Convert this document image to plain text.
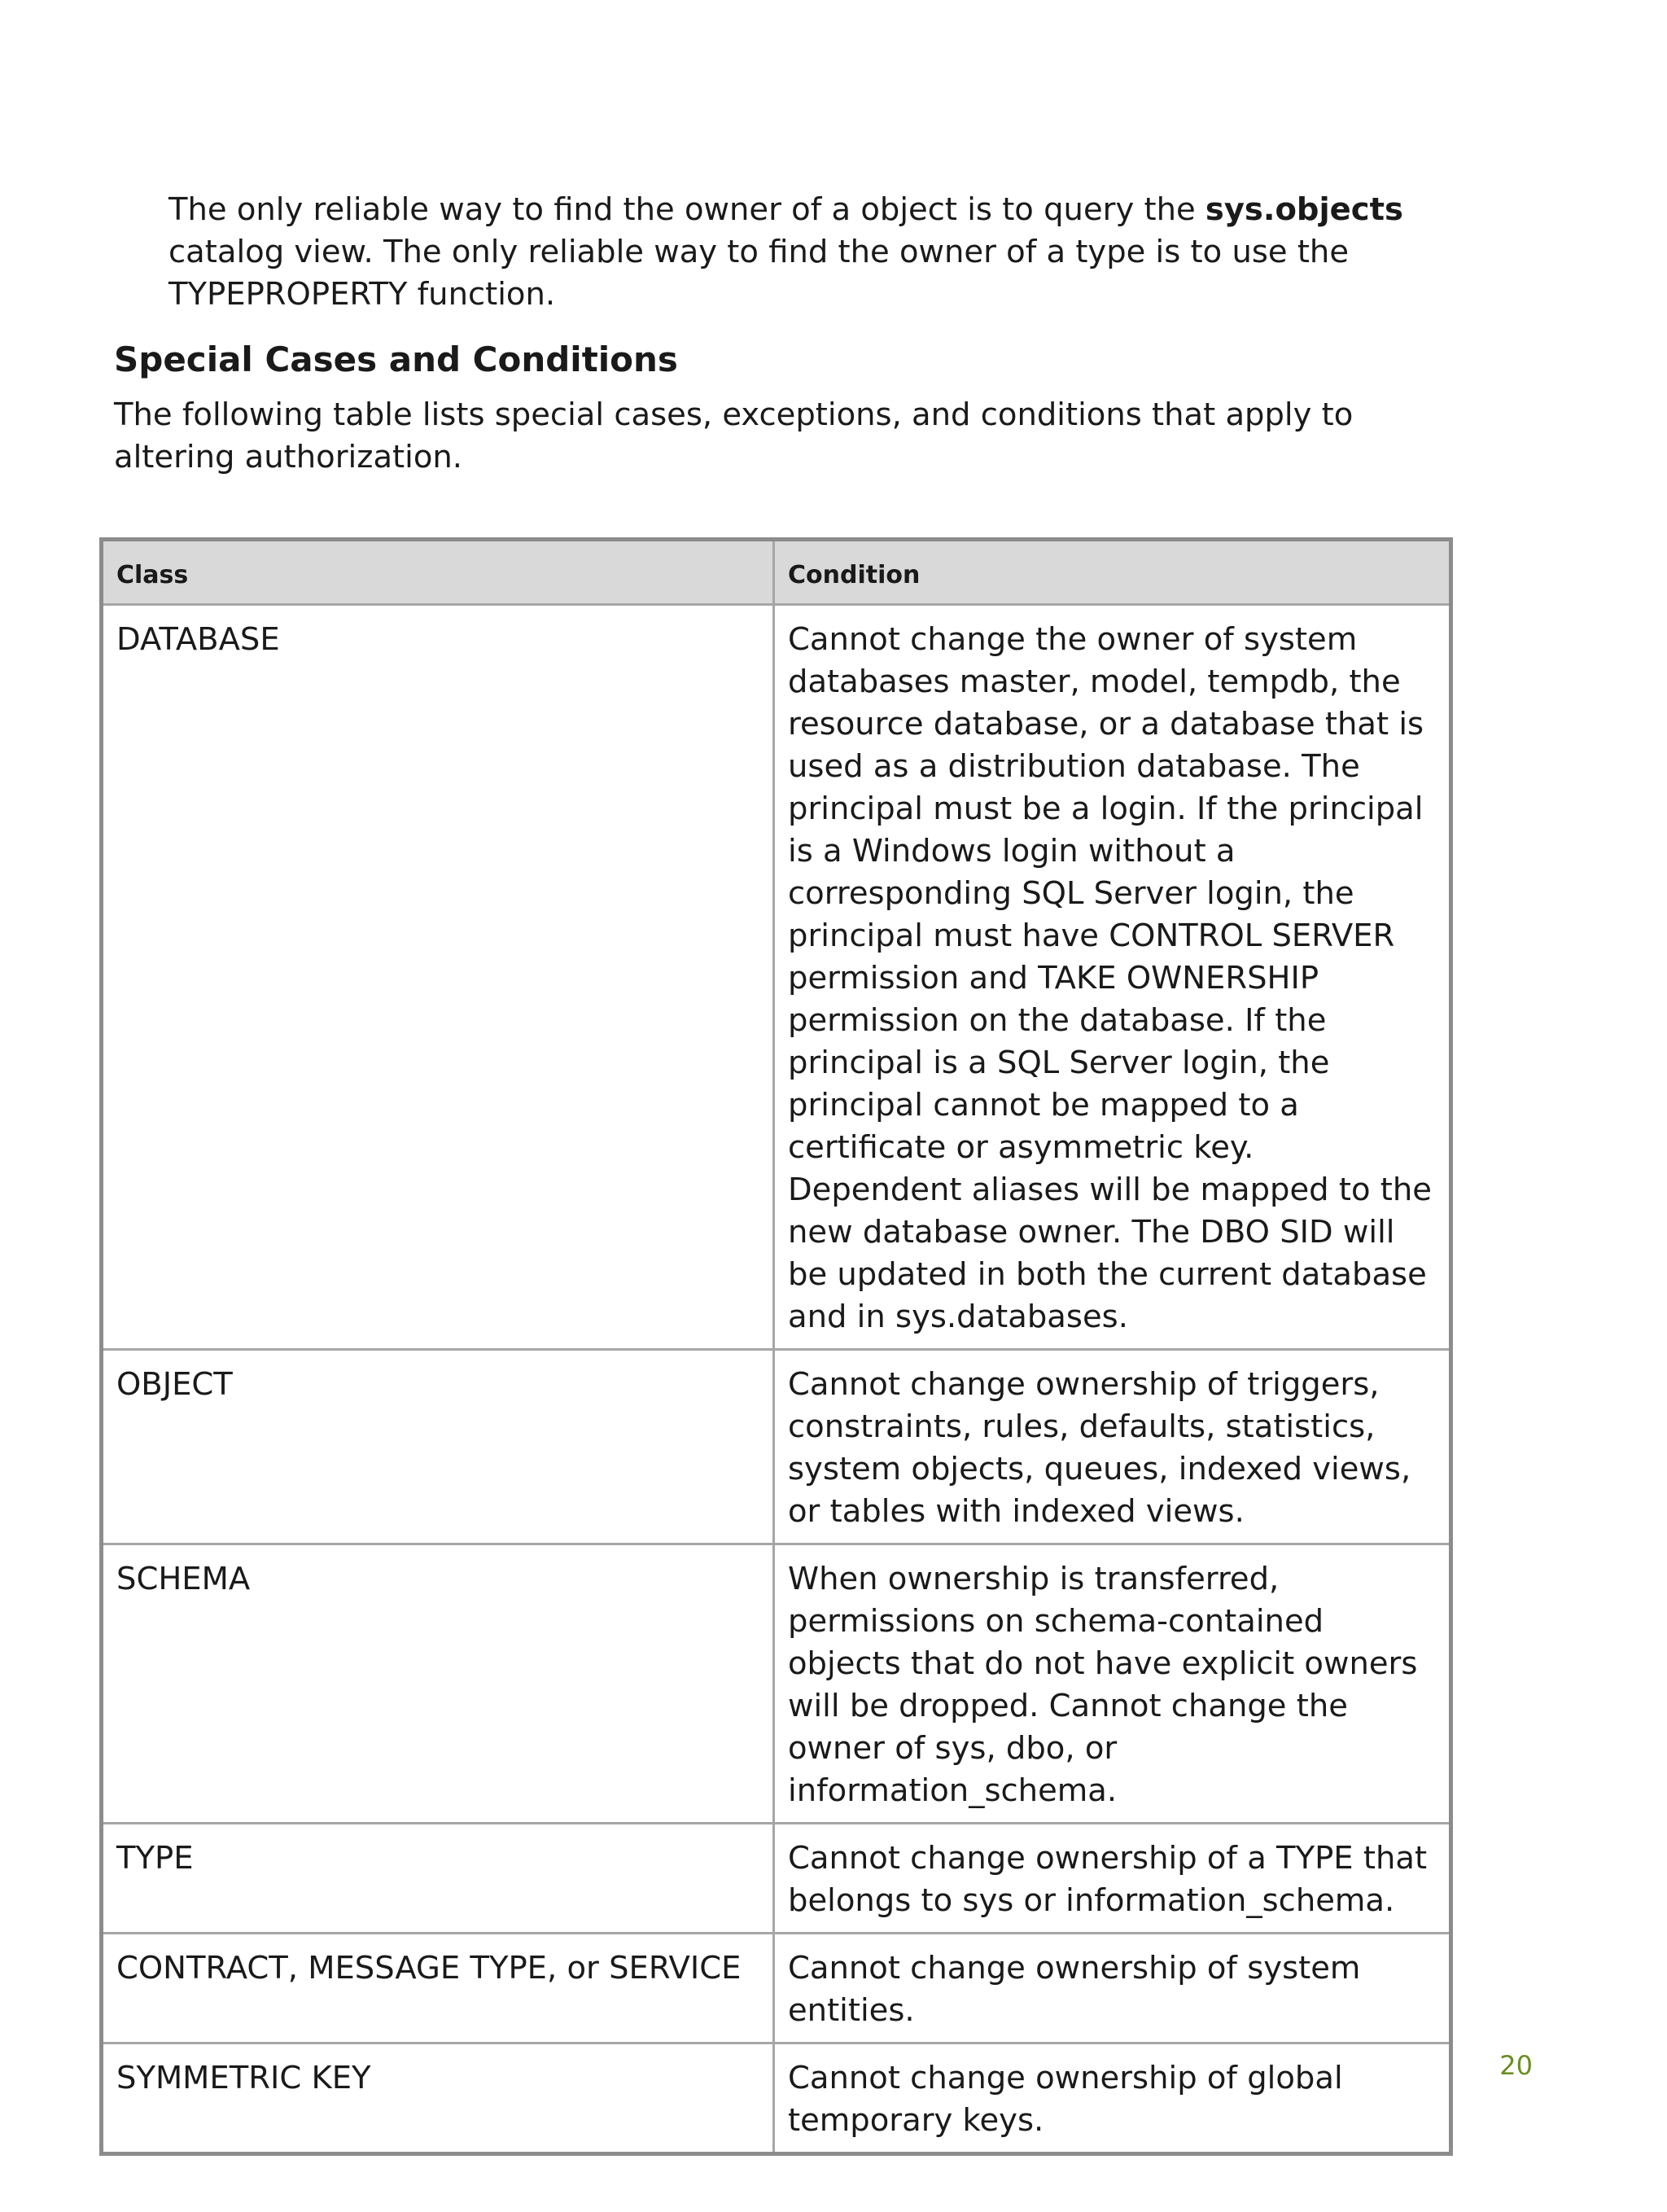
The only reliable way to find the owner of a object is to query the sys.objects catalog view. The only reliable way to find the owner of a type is to use the TYPEPROPERTY function.

Special Cases and Conditions

The following table lists special cases, exceptions, and conditions that apply to altering authorization.

Class	Condition
DATABASE	Cannot change the owner of system databases master, model, tempdb, the resource database, or a database that is used as a distribution database. The principal must be a login. If the principal is a Windows login without a corresponding SQL Server login, the principal must have CONTROL SERVER permission and TAKE OWNERSHIP permission on the database. If the principal is a SQL Server login, the principal cannot be mapped to a certificate or asymmetric key. Dependent aliases will be mapped to the new database owner. The DBO SID will be updated in both the current database and in sys.databases.
OBJECT	Cannot change ownership of triggers, constraints, rules, defaults, statistics, system objects, queues, indexed views, or tables with indexed views.
SCHEMA	When ownership is transferred, permissions on schema-contained objects that do not have explicit owners will be dropped. Cannot change the owner of sys, dbo, or information_schema.
TYPE	Cannot change ownership of a TYPE that belongs to sys or information_schema.
CONTRACT, MESSAGE TYPE, or SERVICE	Cannot change ownership of system entities.
SYMMETRIC KEY	Cannot change ownership of global temporary keys.
20
